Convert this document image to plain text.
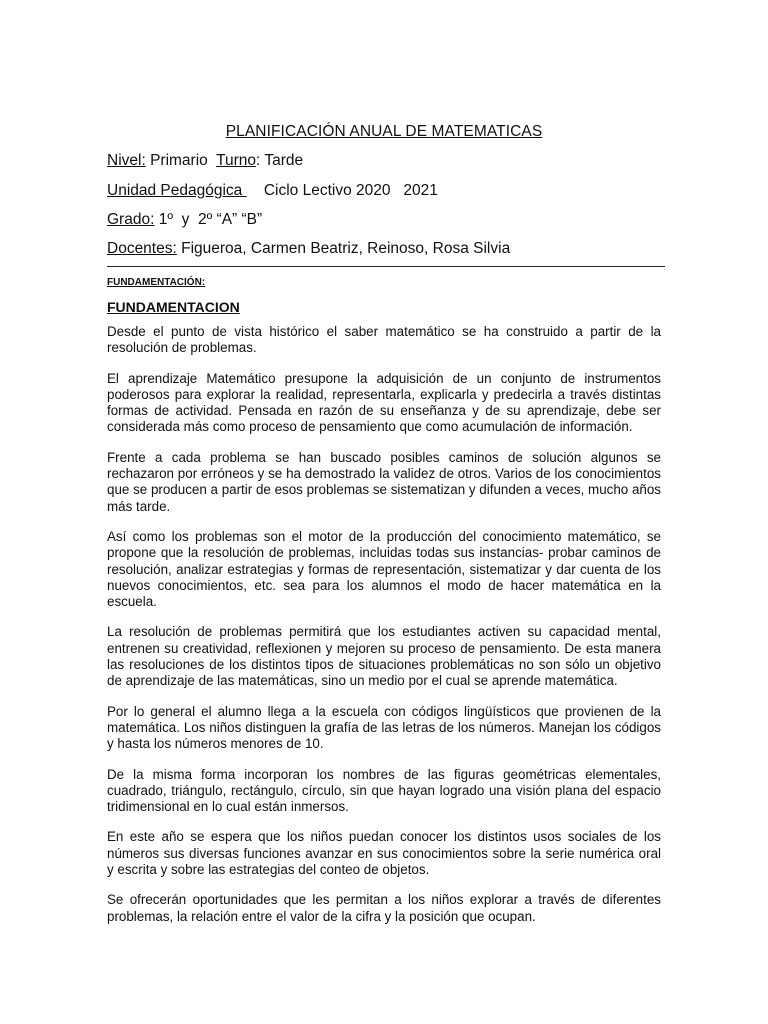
PLANIFICACIÓN ANUAL DE MATEMATICAS
Nivel: Primario  Turno: Tarde
Unidad Pedagógica     Ciclo Lectivo 2020   2021
Grado: 1º  y  2º “A” “B”
Docentes: Figueroa, Carmen Beatriz, Reinoso, Rosa Silvia
FUNDAMENTACIÓN:
FUNDAMENTACION

Desde el punto de vista histórico el saber matemático se ha construido a partir de la resolución de problemas.

El aprendizaje Matemático presupone la adquisición de un conjunto de instrumentos poderosos para explorar la realidad, representarla, explicarla y predecirla a través distintas formas de actividad. Pensada en razón de su enseñanza y de su aprendizaje, debe ser considerada más como proceso de pensamiento que como acumulación de información.

Frente a cada problema se han buscado posibles caminos de solución algunos se rechazaron por erróneos y se ha demostrado la validez de otros. Varios de los conocimientos que se producen a partir de esos problemas se sistematizan y difunden a veces, mucho años más tarde.

Así como los problemas son el motor de la producción del conocimiento matemático, se propone que la resolución de problemas, incluidas todas sus instancias- probar caminos de resolución, analizar estrategias y formas de representación, sistematizar y dar cuenta de los nuevos conocimientos, etc. sea para los alumnos el modo de hacer matemática en la escuela.

La resolución de problemas permitirá que los estudiantes activen su capacidad mental, entrenen su creatividad, reflexionen y mejoren su proceso de pensamiento. De esta manera las resoluciones de los distintos tipos de situaciones problemáticas no son sólo un objetivo de aprendizaje de las matemáticas, sino un medio por el cual se aprende matemática.

Por lo general el alumno llega a la escuela con códigos lingüísticos que provienen de la matemática. Los niños distinguen la grafía de las letras de los números. Manejan los códigos y hasta los números menores de 10.

De la misma forma incorporan los nombres de las figuras geométricas elementales, cuadrado, triángulo, rectángulo, círculo, sin que hayan logrado una visión plana del espacio tridimensional en lo cual están inmersos.

En este año se espera que los niños puedan conocer los distintos usos sociales de los números sus diversas funciones avanzar en sus conocimientos sobre la serie numérica oral y escrita y sobre las estrategias del conteo de objetos.

Se ofrecerán oportunidades que les permitan a los niños explorar a través de diferentes problemas, la relación entre el valor de la cifra y la posición que ocupan.
